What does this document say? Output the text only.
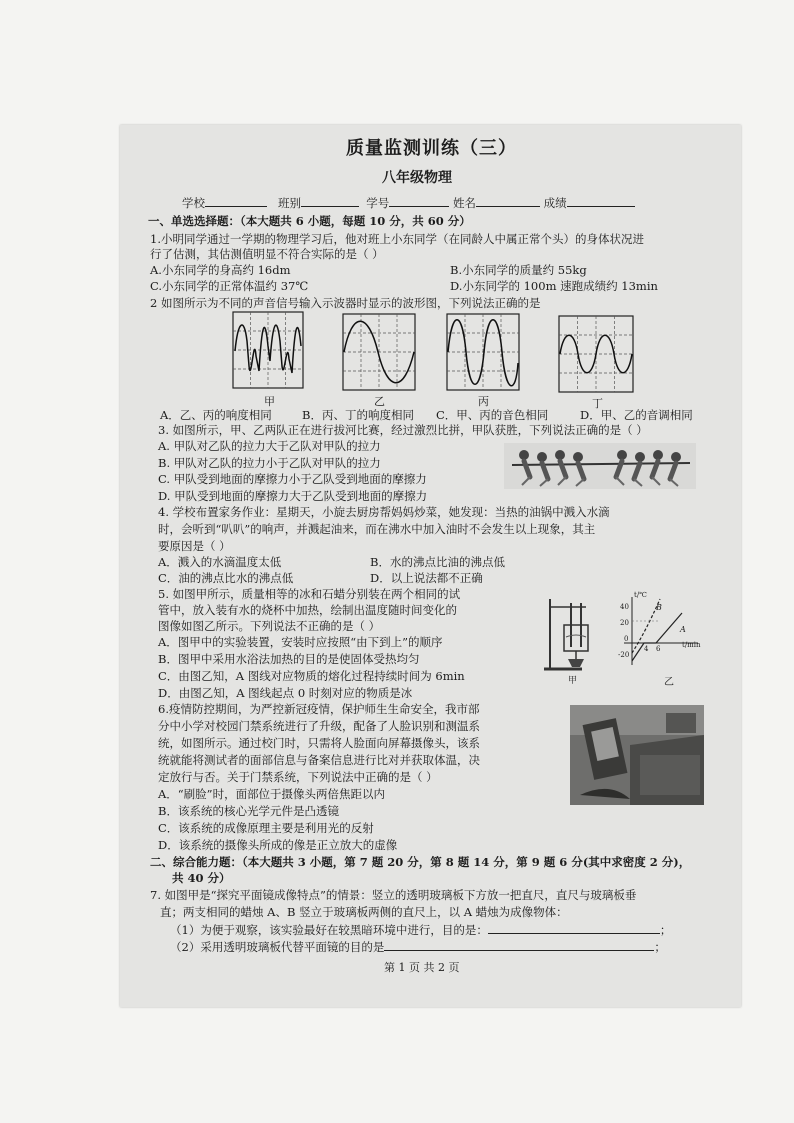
质量监测训练（三）
八年级物理
学校	班别	学号	姓名	成绩
一、单选选择题：（本大题共 6 小题，每题 10 分，共 60 分）
1.小明同学通过一学期的物理学习后，他对班上小东同学（在同龄人中属正常个头）的身体状况进
行了估测，其估测值明显不符合实际的是（ ）
A.小东同学的身高约 16dm	B.小东同学的质量约 55kg
C.小东同学的正常体温约 37℃	D.小东同学的 100m 速跑成绩约 13min
2 如图所示为不同的声音信号输入示波器时显示的波形图，下列说法正确的是
甲	乙	丙	丁
A．乙、丙的响度相同	B．丙、丁的响度相同 C．甲、丙的音色相同	D．甲、乙的音调相同
3. 如图所示，甲、乙两队正在进行拔河比赛，经过激烈比拼，甲队获胜，下列说法正确的是（ ）
A. 甲队对乙队的拉力大于乙队对甲队的拉力
B. 甲队对乙队的拉力小于乙队对甲队的拉力
C. 甲队受到地面的摩擦力小于乙队受到地面的摩擦力
D. 甲队受到地面的摩擦力大于乙队受到地面的摩擦力
4. 学校布置家务作业：星期天，小旋去厨房帮妈妈炒菜，她发现：当热的油锅中溅入水滴
时，会听到“叭叭”的响声，并溅起油来，而在沸水中加入油时不会发生以上现象，其主
要原因是（ ）
A．溅入的水滴温度太低	B．水的沸点比油的沸点低
C．油的沸点比水的沸点低	D．以上说法都不正确
5. 如图甲所示，质量相等的冰和石蜡分别装在两个相同的试
管中，放入装有水的烧杯中加热，绘制出温度随时间变化的
图像如图乙所示。下列说法不正确的是（ ）
A．图甲中的实验装置，安装时应按照“由下到上”的顺序
B．图甲中采用水浴法加热的目的是使固体受热均匀
C．由图乙知，A 图线对应物质的熔化过程持续时间为 6min
D．由图乙知，A 图线起点 0 时刻对应的物质是冰
甲
t/℃
t/min
40
20
0
-20
4 6
A
B
乙
6.疫情防控期间，为严控新冠疫情，保护师生生命安全，我市部
分中小学对校园门禁系统进行了升级，配备了人脸识别和测温系
统，如图所示。通过校门时，只需将人脸面向屏幕摄像头，该系
统就能将测试者的面部信息与备案信息进行比对并获取体温，决
定放行与否。关于门禁系统，下列说法中正确的是（ ）
A．“刷脸”时，面部位于摄像头两倍焦距以内
B．该系统的核心光学元件是凸透镜
C．该系统的成像原理主要是利用光的反射
D．该系统的摄像头所成的像是正立放大的虚像
二、综合能力题：（本大题共 3 小题，第 7 题 20 分，第 8 题 14 分，第 9 题 6 分(其中求密度 2 分)，
共 40 分）
7. 如图甲是“探究平面镜成像特点”的情景：竖立的透明玻璃板下方放一把直尺，直尺与玻璃板垂
直；两支相同的蜡烛 A、B 竖立于玻璃板两侧的直尺上，以 A 蜡烛为成像物体：
（1）为便于观察，该实验最好在较黑暗环境中进行，目的是：	；
（2）采用透明玻璃板代替平面镜的目的是	；
第 1 页 共 2 页
